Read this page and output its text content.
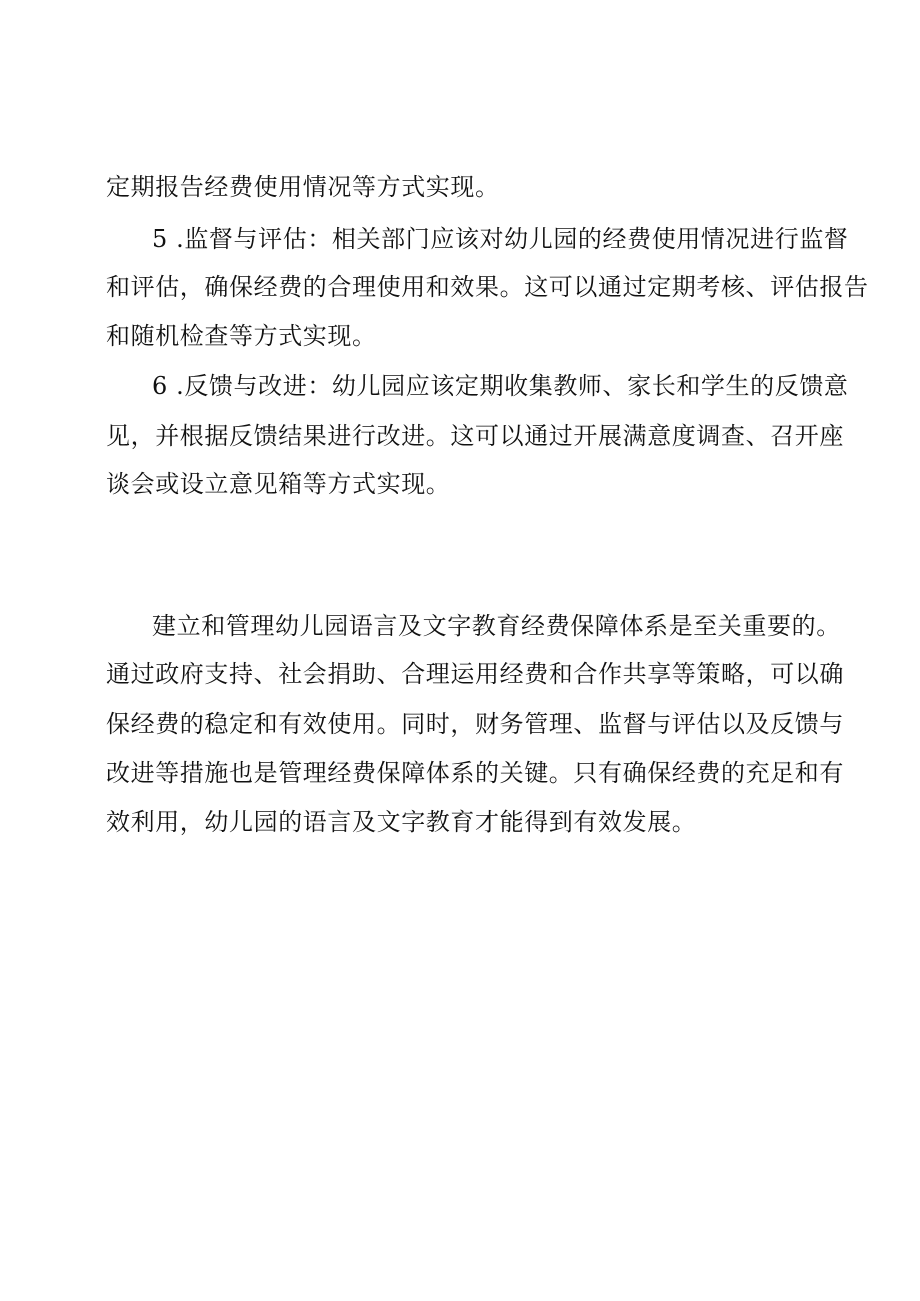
定期报告经费使用情况等方式实现。
5 .监督与评估：相关部门应该对幼儿园的经费使用情况进行监督
和评估，确保经费的合理使用和效果。这可以通过定期考核、评估报告
和随机检查等方式实现。
6 .反馈与改进：幼儿园应该定期收集教师、家长和学生的反馈意
见，并根据反馈结果进行改进。这可以通过开展满意度调查、召开座
谈会或设立意见箱等方式实现。
建立和管理幼儿园语言及文字教育经费保障体系是至关重要的。
通过政府支持、社会捐助、合理运用经费和合作共享等策略，可以确
保经费的稳定和有效使用。同时，财务管理、监督与评估以及反馈与
改进等措施也是管理经费保障体系的关键。只有确保经费的充足和有
效利用，幼儿园的语言及文字教育才能得到有效发展。
